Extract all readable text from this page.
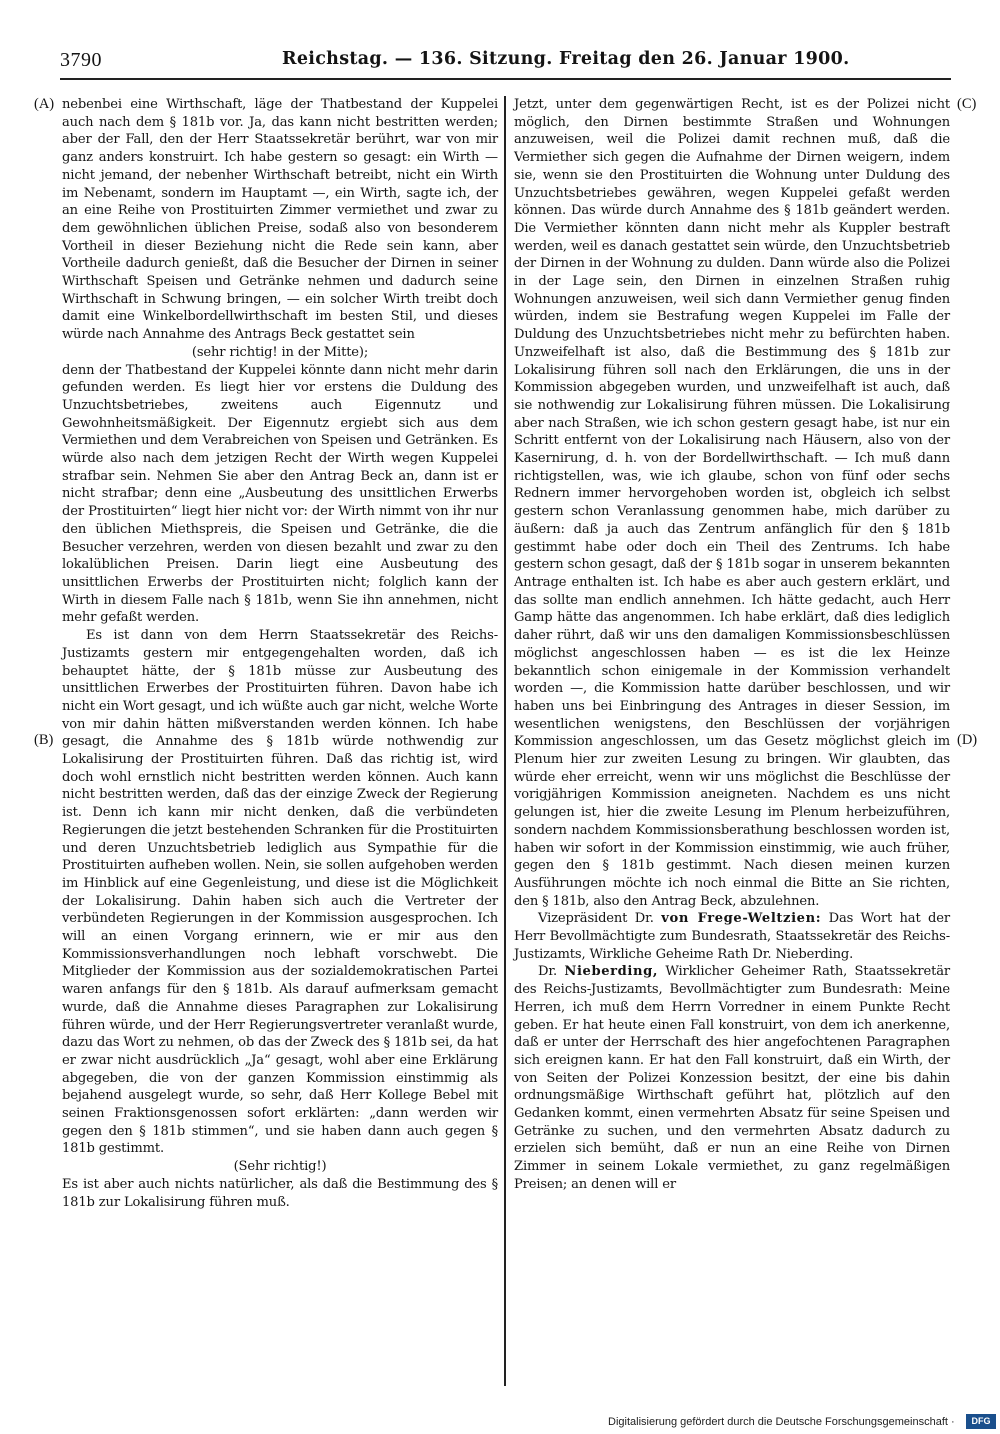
3790	Reichstag. — 136. Sitzung. Freitag den 26. Januar 1900.
(A)
(B)
(C)
(D)

nebenbei eine Wirthschaft, läge der Thatbestand der Kuppelei auch nach dem § 181b vor. Ja, das kann nicht bestritten werden; aber der Fall, den der Herr Staatssekretär berührt, war von mir ganz anders konstruirt. Ich habe gestern so gesagt: ein Wirth — nicht jemand, der nebenher Wirthschaft betreibt, nicht ein Wirth im Nebenamt, sondern im Hauptamt —, ein Wirth, sagte ich, der an eine Reihe von Prostituirten Zimmer vermiethet und zwar zu dem gewöhnlichen üblichen Preise, sodaß also von besonderem Vortheil in dieser Beziehung nicht die Rede sein kann, aber Vortheile dadurch genießt, daß die Besucher der Dirnen in seiner Wirthschaft Speisen und Getränke nehmen und dadurch seine Wirthschaft in Schwung bringen, — ein solcher Wirth treibt doch damit eine Winkelbordellwirthschaft im besten Stil, und dieses würde nach Annahme des Antrags Beck gestattet sein

(sehr richtig! in der Mitte);

denn der Thatbestand der Kuppelei könnte dann nicht mehr darin gefunden werden. Es liegt hier vor erstens die Duldung des Unzuchtsbetriebes, zweitens auch Eigennutz und Gewohnheitsmäßigkeit. Der Eigennutz ergiebt sich aus dem Vermiethen und dem Verabreichen von Speisen und Getränken. Es würde also nach dem jetzigen Recht der Wirth wegen Kuppelei strafbar sein. Nehmen Sie aber den Antrag Beck an, dann ist er nicht strafbar; denn eine „Ausbeutung des unsittlichen Erwerbs der Prostituirten“ liegt hier nicht vor: der Wirth nimmt von ihr nur den üblichen Miethspreis, die Speisen und Getränke, die die Besucher verzehren, werden von diesen bezahlt und zwar zu den lokalüblichen Preisen. Darin liegt eine Ausbeutung des unsittlichen Erwerbs der Prostituirten nicht; folglich kann der Wirth in diesem Falle nach § 181b, wenn Sie ihn annehmen, nicht mehr gefaßt werden.

Es ist dann von dem Herrn Staatssekretär des Reichs-Justizamts gestern mir entgegengehalten worden, daß ich behauptet hätte, der § 181b müsse zur Ausbeutung des unsittlichen Erwerbes der Prostituirten führen. Davon habe ich nicht ein Wort gesagt, und ich wüßte auch gar nicht, welche Worte von mir dahin hätten mißverstanden werden können. Ich habe gesagt, die Annahme des § 181b würde nothwendig zur Lokalisirung der Prostituirten führen. Daß das richtig ist, wird doch wohl ernstlich nicht bestritten werden können. Auch kann nicht bestritten werden, daß das der einzige Zweck der Regierung ist. Denn ich kann mir nicht denken, daß die verbündeten Regierungen die jetzt bestehenden Schranken für die Prostituirten und deren Unzuchtsbetrieb lediglich aus Sympathie für die Prostituirten aufheben wollen. Nein, sie sollen aufgehoben werden im Hinblick auf eine Gegenleistung, und diese ist die Möglichkeit der Lokalisirung. Dahin haben sich auch die Vertreter der verbündeten Regierungen in der Kommission ausgesprochen. Ich will an einen Vorgang erinnern, wie er mir aus den Kommissionsverhandlungen noch lebhaft vorschwebt. Die Mitglieder der Kommission aus der sozialdemokratischen Partei waren anfangs für den § 181b. Als darauf aufmerksam gemacht wurde, daß die Annahme dieses Paragraphen zur Lokalisirung führen würde, und der Herr Regierungsvertreter veranlaßt wurde, dazu das Wort zu nehmen, ob das der Zweck des § 181b sei, da hat er zwar nicht ausdrücklich „Ja“ gesagt, wohl aber eine Erklärung abgegeben, die von der ganzen Kommission einstimmig als bejahend ausgelegt wurde, so sehr, daß Herr Kollege Bebel mit seinen Fraktionsgenossen sofort erklärten: „dann werden wir gegen den § 181b stimmen“, und sie haben dann auch gegen § 181b gestimmt.

(Sehr richtig!)

Es ist aber auch nichts natürlicher, als daß die Bestimmung des § 181b zur Lokalisirung führen muß.

Jetzt, unter dem gegenwärtigen Recht, ist es der Polizei nicht möglich, den Dirnen bestimmte Straßen und Wohnungen anzuweisen, weil die Polizei damit rechnen muß, daß die Vermiether sich gegen die Aufnahme der Dirnen weigern, indem sie, wenn sie den Prostituirten die Wohnung unter Duldung des Unzuchtsbetriebes gewähren, wegen Kuppelei gefaßt werden können. Das würde durch Annahme des § 181b geändert werden. Die Vermiether könnten dann nicht mehr als Kuppler bestraft werden, weil es danach gestattet sein würde, den Unzuchtsbetrieb der Dirnen in der Wohnung zu dulden. Dann würde also die Polizei in der Lage sein, den Dirnen in einzelnen Straßen ruhig Wohnungen anzuweisen, weil sich dann Vermiether genug finden würden, indem sie Bestrafung wegen Kuppelei im Falle der Duldung des Unzuchtsbetriebes nicht mehr zu befürchten haben. Unzweifelhaft ist also, daß die Bestimmung des § 181b zur Lokalisirung führen soll nach den Erklärungen, die uns in der Kommission abgegeben wurden, und unzweifelhaft ist auch, daß sie nothwendig zur Lokalisirung führen müssen. Die Lokalisirung aber nach Straßen, wie ich schon gestern gesagt habe, ist nur ein Schritt entfernt von der Lokalisirung nach Häusern, also von der Kasernirung, d. h. von der Bordellwirthschaft. — Ich muß dann richtigstellen, was, wie ich glaube, schon von fünf oder sechs Rednern immer hervorgehoben worden ist, obgleich ich selbst gestern schon Veranlassung genommen habe, mich darüber zu äußern: daß ja auch das Zentrum anfänglich für den § 181b gestimmt habe oder doch ein Theil des Zentrums. Ich habe gestern schon gesagt, daß der § 181b sogar in unserem bekannten Antrage enthalten ist. Ich habe es aber auch gestern erklärt, und das sollte man endlich annehmen. Ich hätte gedacht, auch Herr Gamp hätte das angenommen. Ich habe erklärt, daß dies lediglich daher rührt, daß wir uns den damaligen Kommissionsbeschlüssen möglichst angeschlossen haben — es ist die lex Heinze bekanntlich schon einigemale in der Kommission verhandelt worden —, die Kommission hatte darüber beschlossen, und wir haben uns bei Einbringung des Antrages in dieser Session, im wesentlichen wenigstens, den Beschlüssen der vorjährigen Kommission angeschlossen, um das Gesetz möglichst gleich im Plenum hier zur zweiten Lesung zu bringen. Wir glaubten, das würde eher erreicht, wenn wir uns möglichst die Beschlüsse der vorigjährigen Kommission aneigneten. Nachdem es uns nicht gelungen ist, hier die zweite Lesung im Plenum herbeizuführen, sondern nachdem Kommissionsberathung beschlossen worden ist, haben wir sofort in der Kommission einstimmig, wie auch früher, gegen den § 181b gestimmt. Nach diesen meinen kurzen Ausführungen möchte ich noch einmal die Bitte an Sie richten, den § 181b, also den Antrag Beck, abzulehnen.

Vizepräsident Dr. von Frege-Weltzien: Das Wort hat der Herr Bevollmächtigte zum Bundesrath, Staatssekretär des Reichs-Justizamts, Wirkliche Geheime Rath Dr. Nieberding.

Dr. Nieberding, Wirklicher Geheimer Rath, Staatssekretär des Reichs-Justizamts, Bevollmächtigter zum Bundesrath: Meine Herren, ich muß dem Herrn Vorredner in einem Punkte Recht geben. Er hat heute einen Fall konstruirt, von dem ich anerkenne, daß er unter der Herrschaft des hier angefochtenen Paragraphen sich ereignen kann. Er hat den Fall konstruirt, daß ein Wirth, der von Seiten der Polizei Konzession besitzt, der eine bis dahin ordnungsmäßige Wirthschaft geführt hat, plötzlich auf den Gedanken kommt, einen vermehrten Absatz für seine Speisen und Getränke zu suchen, und den vermehrten Absatz dadurch zu erzielen sich bemüht, daß er nun an eine Reihe von Dirnen Zimmer in seinem Lokale vermiethet, zu ganz regelmäßigen Preisen; an denen will er

Digitalisierung gefördert durch die Deutsche Forschungsgemeinschaft ·	DFG
